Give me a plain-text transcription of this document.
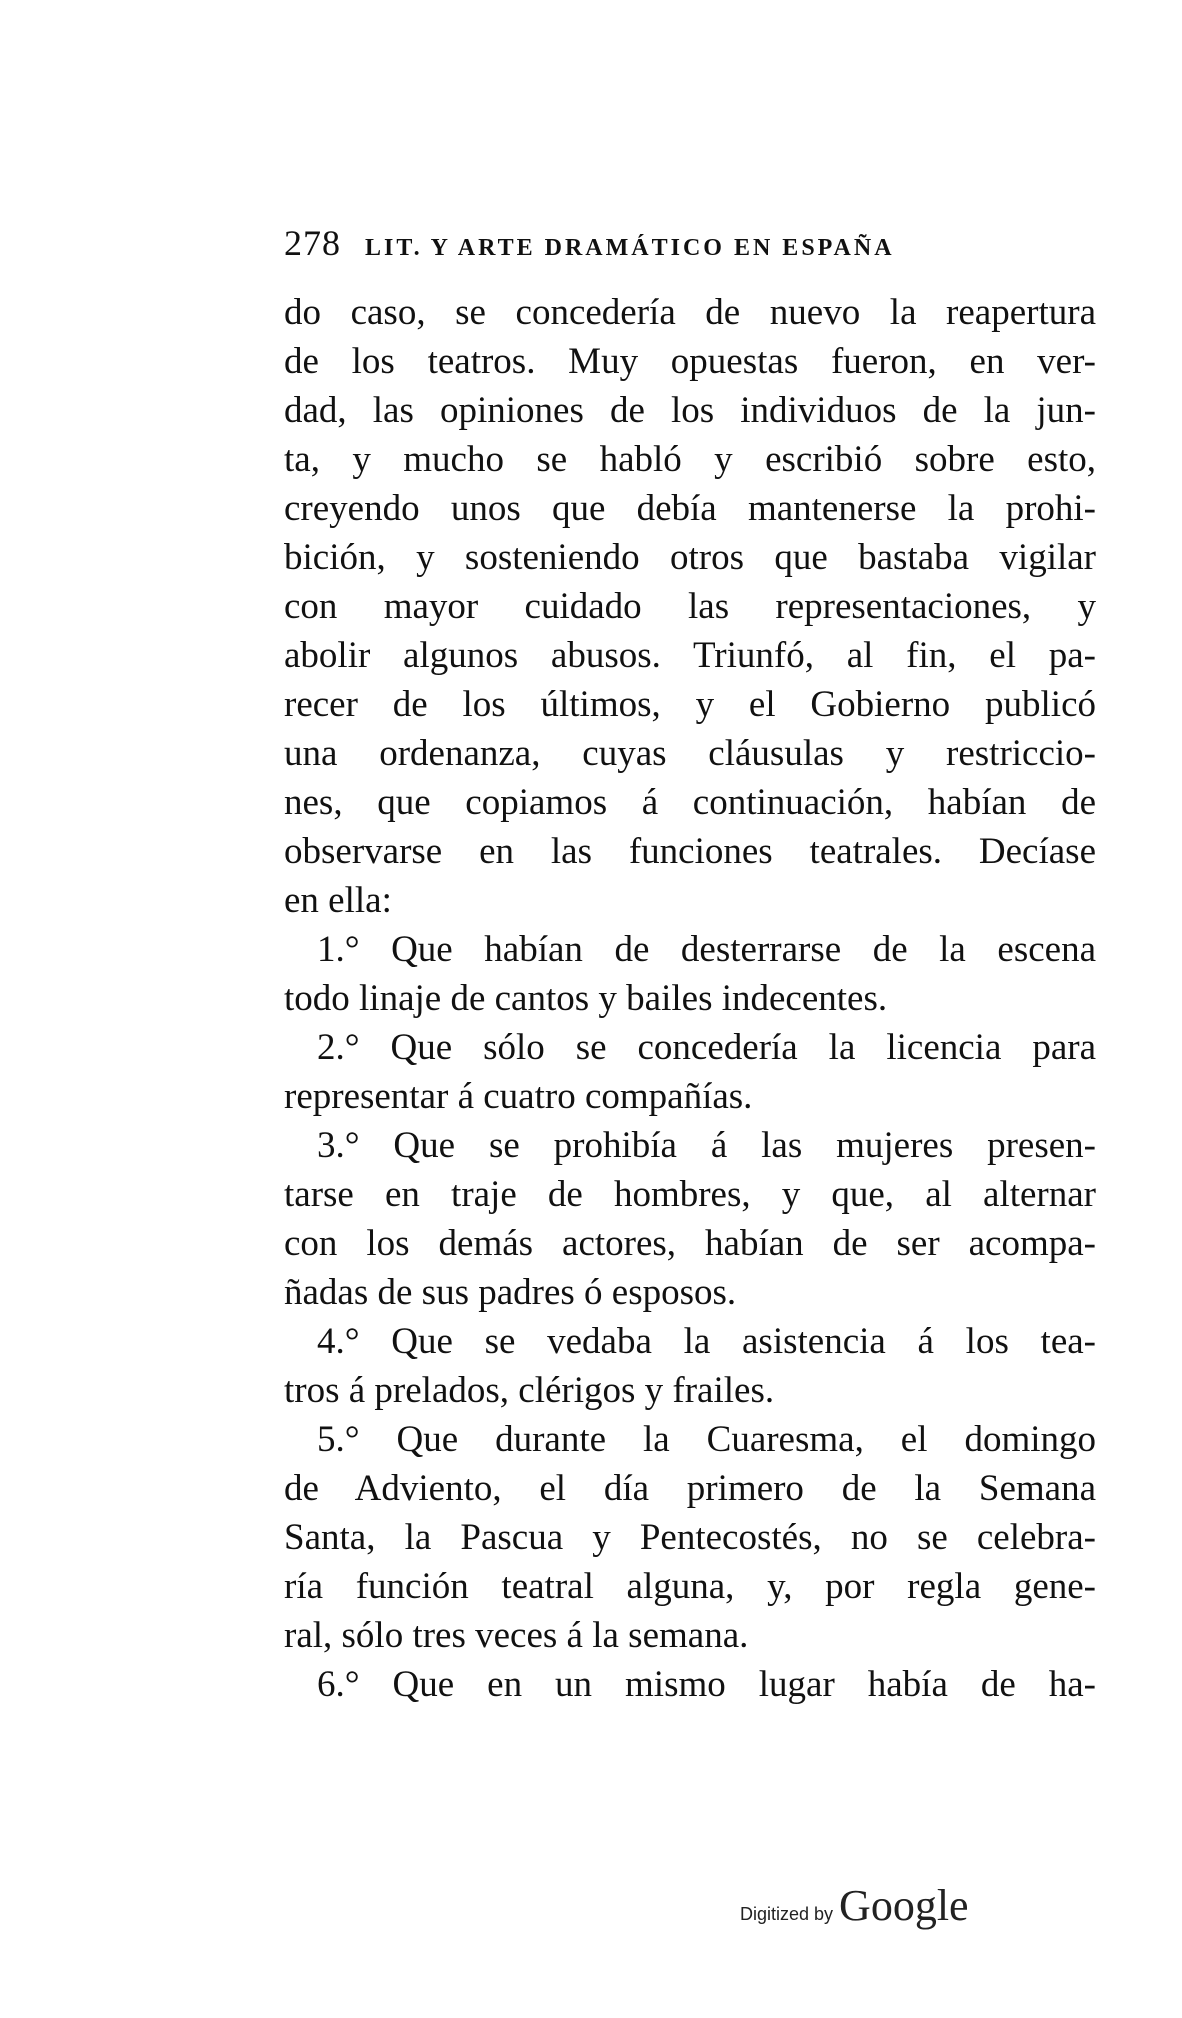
278 LIT. Y ARTE DRAMÁTICO EN ESPAÑA
do caso, se concedería de nuevo la reapertura
de los teatros. Muy opuestas fueron, en ver-
dad, las opiniones de los individuos de la jun-
ta, y mucho se habló y escribió sobre esto,
creyendo unos que debía mantenerse la prohi-
bición, y sosteniendo otros que bastaba vigilar
con mayor cuidado las representaciones, y
abolir algunos abusos. Triunfó, al fin, el pa-
recer de los últimos, y el Gobierno publicó
una ordenanza, cuyas cláusulas y restriccio-
nes, que copiamos á continuación, habían de
observarse en las funciones teatrales. Decíase
en ella:
1.° Que habían de desterrarse de la escena
todo linaje de cantos y bailes indecentes.
2.° Que sólo se concedería la licencia para
representar á cuatro compañías.
3.° Que se prohibía á las mujeres presen-
tarse en traje de hombres, y que, al alternar
con los demás actores, habían de ser acompa-
ñadas de sus padres ó esposos.
4.° Que se vedaba la asistencia á los tea-
tros á prelados, clérigos y frailes.
5.° Que durante la Cuaresma, el domingo
de Adviento, el día primero de la Semana
Santa, la Pascua y Pentecostés, no se celebra-
ría función teatral alguna, y, por regla gene-
ral, sólo tres veces á la semana.
6.° Que en un mismo lugar había de ha-
Digitized by Google
